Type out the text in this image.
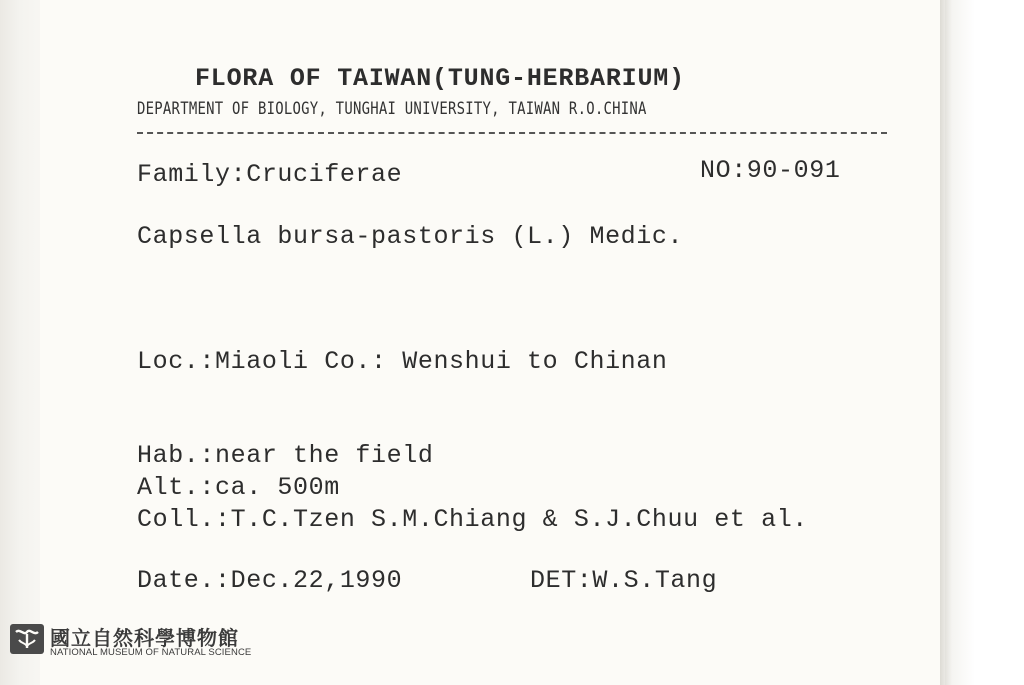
FLORA OF TAIWAN(TUNG-HERBARIUM)
DEPARTMENT OF BIOLOGY, TUNGHAI UNIVERSITY, TAIWAN R.O.CHINA
Family:Cruciferae	NO:90-091
Capsella bursa-pastoris (L.) Medic.
Loc.:Miaoli Co.: Wenshui to Chinan
Hab.:near the field
Alt.:ca. 500m
Coll.:T.C.Tzen S.M.Chiang & S.J.Chuu et al.
Date.:Dec.22,1990	DET:W.S.Tang
國立自然科學博物館
NATIONAL MUSEUM OF NATURAL SCIENCE
